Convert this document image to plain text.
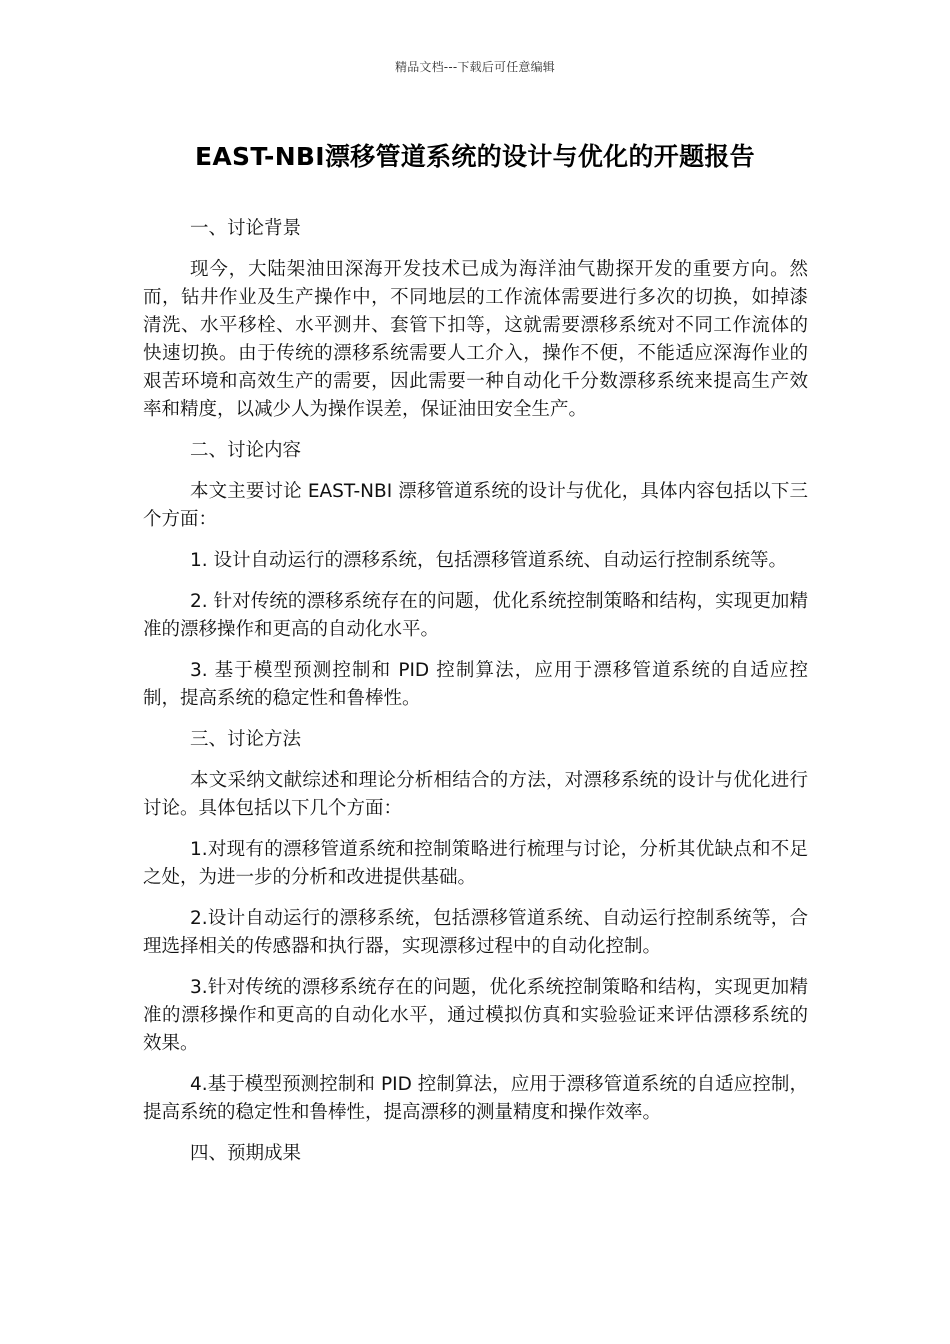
精品文档---下载后可任意编辑
EAST-NBI漂移管道系统的设计与优化的开题报告

一、讨论背景

现今，大陆架油田深海开发技术已成为海洋油气勘探开发的重要方向。然而，钻井作业及生产操作中，不同地层的工作流体需要进行多次的切换，如掉漆清洗、水平移栓、水平测井、套管下扣等，这就需要漂移系统对不同工作流体的快速切换。由于传统的漂移系统需要人工介入，操作不便，不能适应深海作业的艰苦环境和高效生产的需要，因此需要一种自动化千分数漂移系统来提高生产效率和精度，以减少人为操作误差，保证油田安全生产。

二、讨论内容

本文主要讨论 EAST-NBI 漂移管道系统的设计与优化，具体内容包括以下三个方面：

1. 设计自动运行的漂移系统，包括漂移管道系统、自动运行控制系统等。

2. 针对传统的漂移系统存在的问题，优化系统控制策略和结构，实现更加精准的漂移操作和更高的自动化水平。

3. 基于模型预测控制和 PID 控制算法，应用于漂移管道系统的自适应控制，提高系统的稳定性和鲁棒性。

三、讨论方法

本文采纳文献综述和理论分析相结合的方法，对漂移系统的设计与优化进行讨论。具体包括以下几个方面：

1.对现有的漂移管道系统和控制策略进行梳理与讨论，分析其优缺点和不足之处，为进一步的分析和改进提供基础。

2.设计自动运行的漂移系统，包括漂移管道系统、自动运行控制系统等，合理选择相关的传感器和执行器，实现漂移过程中的自动化控制。

3.针对传统的漂移系统存在的问题，优化系统控制策略和结构，实现更加精准的漂移操作和更高的自动化水平，通过模拟仿真和实验验证来评估漂移系统的效果。

4.基于模型预测控制和 PID 控制算法，应用于漂移管道系统的自适应控制，提高系统的稳定性和鲁棒性，提高漂移的测量精度和操作效率。

四、预期成果
